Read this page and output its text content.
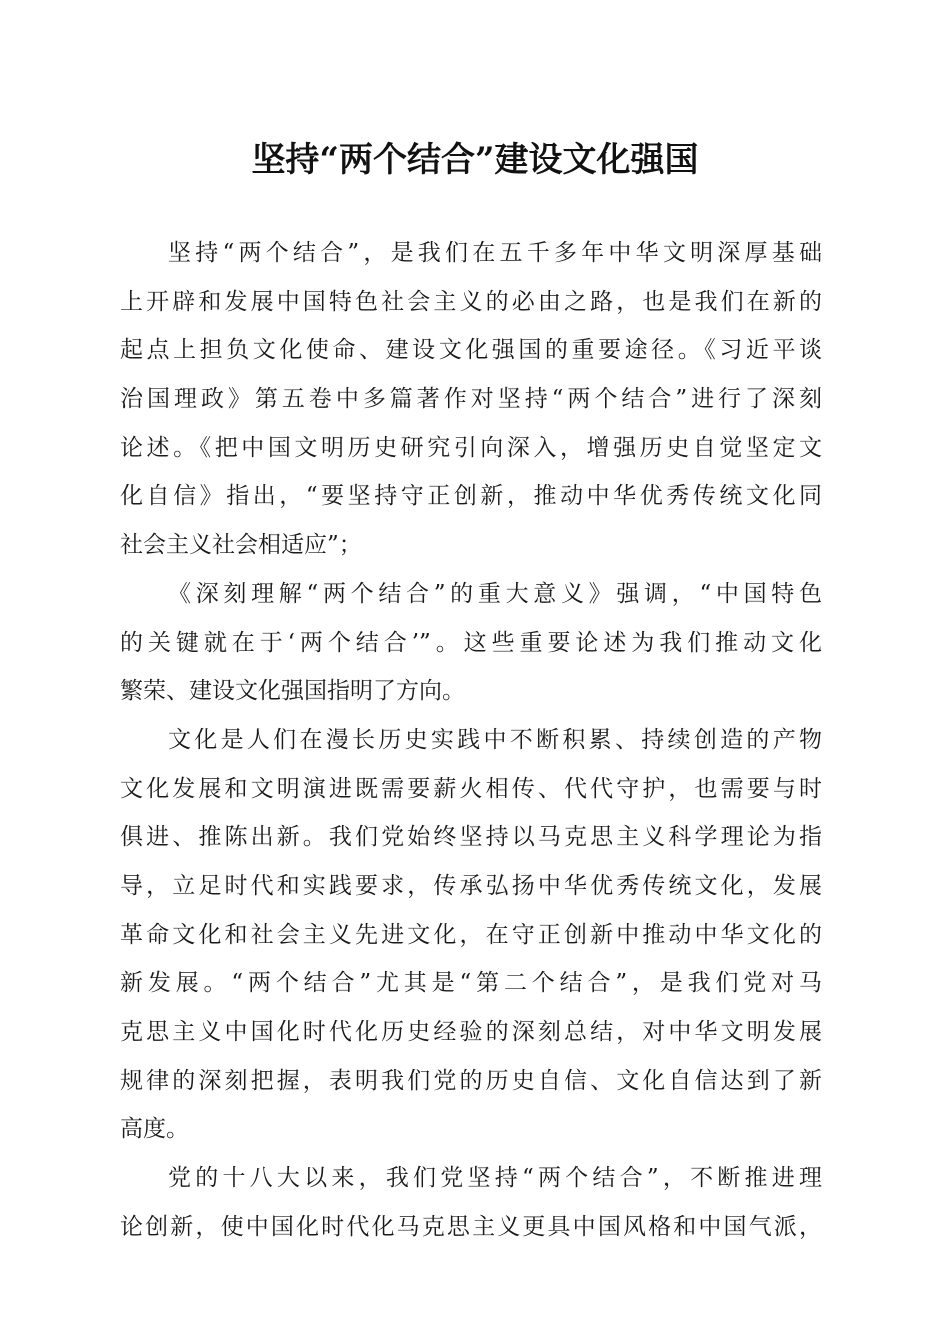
坚持“两个结合”建设文化强国
坚持“两个结合”，是我们在五千多年中华文明深厚基础
上开辟和发展中国特色社会主义的必由之路，也是我们在新的
起点上担负文化使命、建设文化强国的重要途径。《习近平谈
治国理政》第五卷中多篇著作对坚持“两个结合”进行了深刻
论述。《把中国文明历史研究引向深入，增强历史自觉坚定文
化自信》指出，“要坚持守正创新，推动中华优秀传统文化同
社会主义社会相适应”；
《深刻理解“两个结合”的重大意义》强调，“中国特色
的关键就在于‘两个结合’”。这些重要论述为我们推动文化
繁荣、建设文化强国指明了方向。
文化是人们在漫长历史实践中不断积累、持续创造的产物
文化发展和文明演进既需要薪火相传、代代守护，也需要与时
俱进、推陈出新。我们党始终坚持以马克思主义科学理论为指
导，立足时代和实践要求，传承弘扬中华优秀传统文化，发展
革命文化和社会主义先进文化，在守正创新中推动中华文化的
新发展。“两个结合”尤其是“第二个结合”，是我们党对马
克思主义中国化时代化历史经验的深刻总结，对中华文明发展
规律的深刻把握，表明我们党的历史自信、文化自信达到了新
高度。
党的十八大以来，我们党坚持“两个结合”，不断推进理
论创新，使中国化时代化马克思主义更具中国风格和中国气派，
